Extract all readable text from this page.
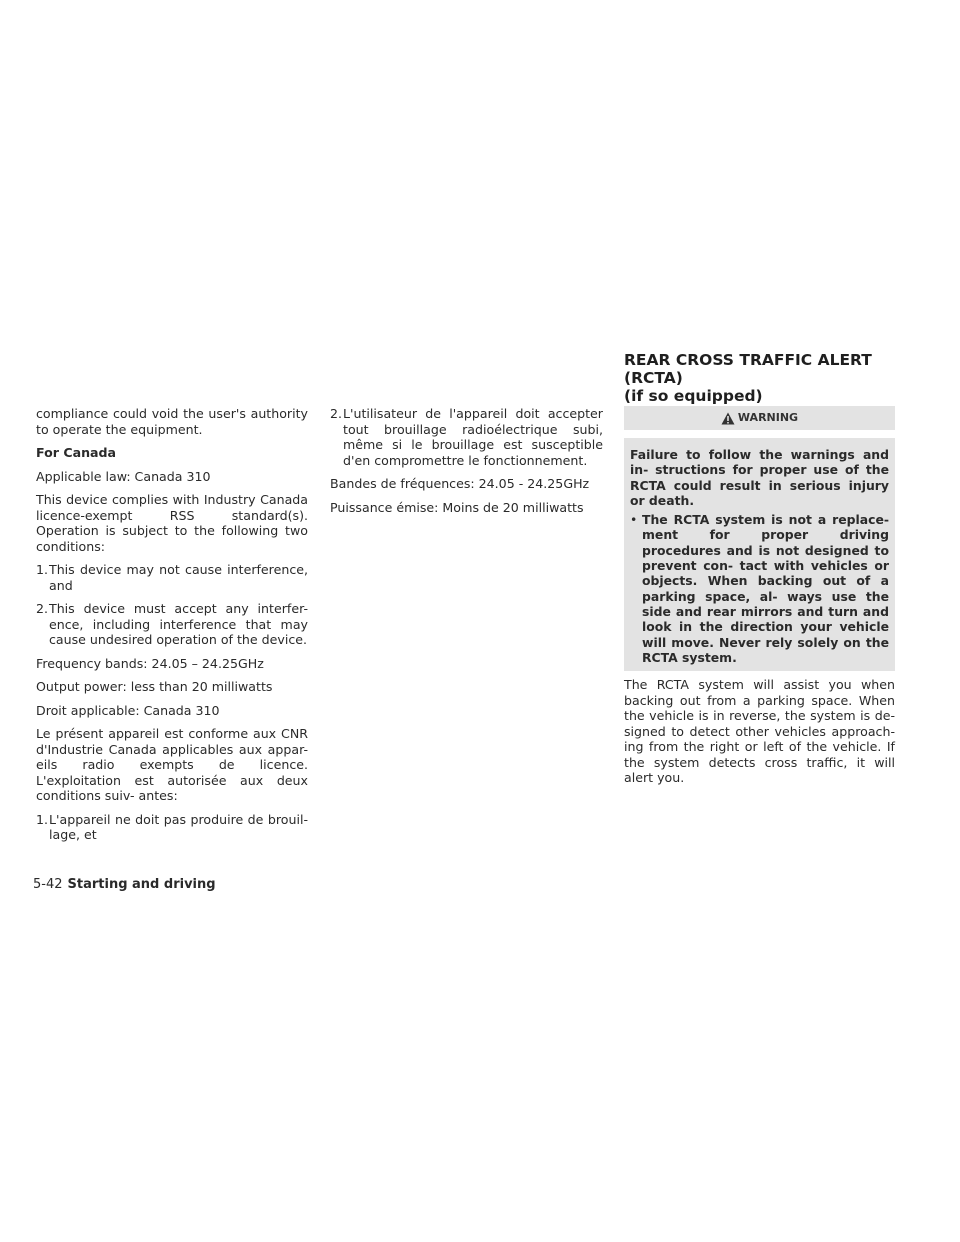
REAR CROSS TRAFFIC ALERT (RCTA)
(if so equipped)

compliance could void the user's authority to operate the equipment.

For Canada

Applicable law: Canada 310

This device complies with Industry Canada licence-exempt RSS standard(s). Operation is subject to the following two conditions:

1. This device may not cause interference, and
2. This device must accept any interfer- ence, including interference that may cause undesired operation of the device.

Frequency bands: 24.05 – 24.25GHz

Output power: less than 20 milliwatts

Droit applicable: Canada 310

Le présent appareil est conforme aux CNR d'Industrie Canada applicables aux appar- eils radio exempts de licence. L'exploitation est autorisée aux deux conditions suiv- antes:

1. L'appareil ne doit pas produire de brouil- lage, et
2. L'utilisateur de l'appareil doit accepter tout brouillage radioélectrique subi, même si le brouillage est susceptible d'en compromettre le fonctionnement.

Bandes de fréquences: 24.05 - 24.25GHz

Puissance émise: Moins de 20 milliwatts

WARNING

Failure to follow the warnings and in- structions for proper use of the RCTA could result in serious injury or death.

• The RCTA system is not a replace- ment for proper driving procedures and is not designed to prevent con- tact with vehicles or objects. When backing out of a parking space, al- ways use the side and rear mirrors and turn and look in the direction your vehicle will move. Never rely solely on the RCTA system.

The RCTA system will assist you when backing out from a parking space. When the vehicle is in reverse, the system is de- signed to detect other vehicles approach- ing from the right or left of the vehicle. If the system detects cross traffic, it will alert you.

5-42 Starting and driving
